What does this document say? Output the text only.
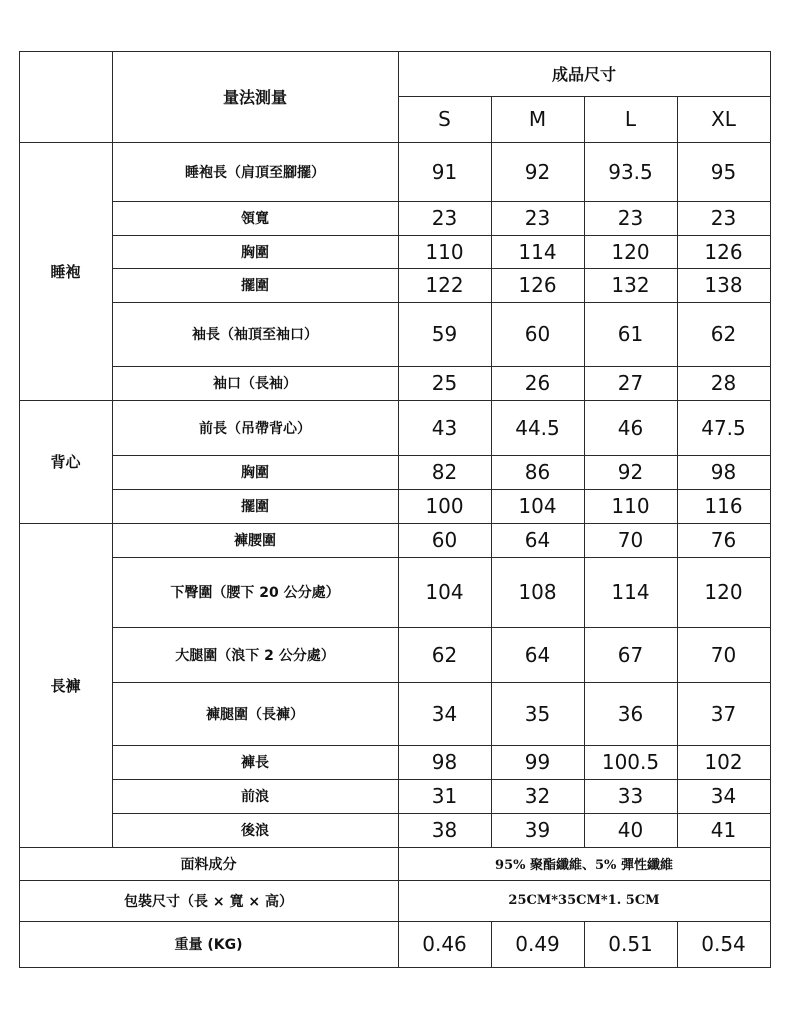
量法測量
成品尺寸
S	M	L	XL
睡袍
睡袍長（肩頂至腳擺）	91	92	93.5	95
領寬	23	23	23	23
胸圍	110	114	120	126
擺圍	122	126	132	138
袖長（袖頂至袖口）	59	60	61	62
袖口（長袖）	25	26	27	28
背心
前長（吊帶背心）	43	44.5	46	47.5
胸圍	82	86	92	98
擺圍	100	104	110	116
長褲
褲腰圍	60	64	70	76
下臀圍（腰下 20 公分處）	104	108	114	120
大腿圍（浪下 2 公分處）	62	64	67	70
褲腿圍（長褲）	34	35	36	37
褲長	98	99	100.5	102
前浪	31	32	33	34
後浪	38	39	40	41
面料成分	95% 聚酯纖維、5% 彈性纖維
包裝尺寸（長 × 寬 × 高）	25CM*35CM*1. 5CM
重量 (KG)	0.46	0.49	0.51	0.54
